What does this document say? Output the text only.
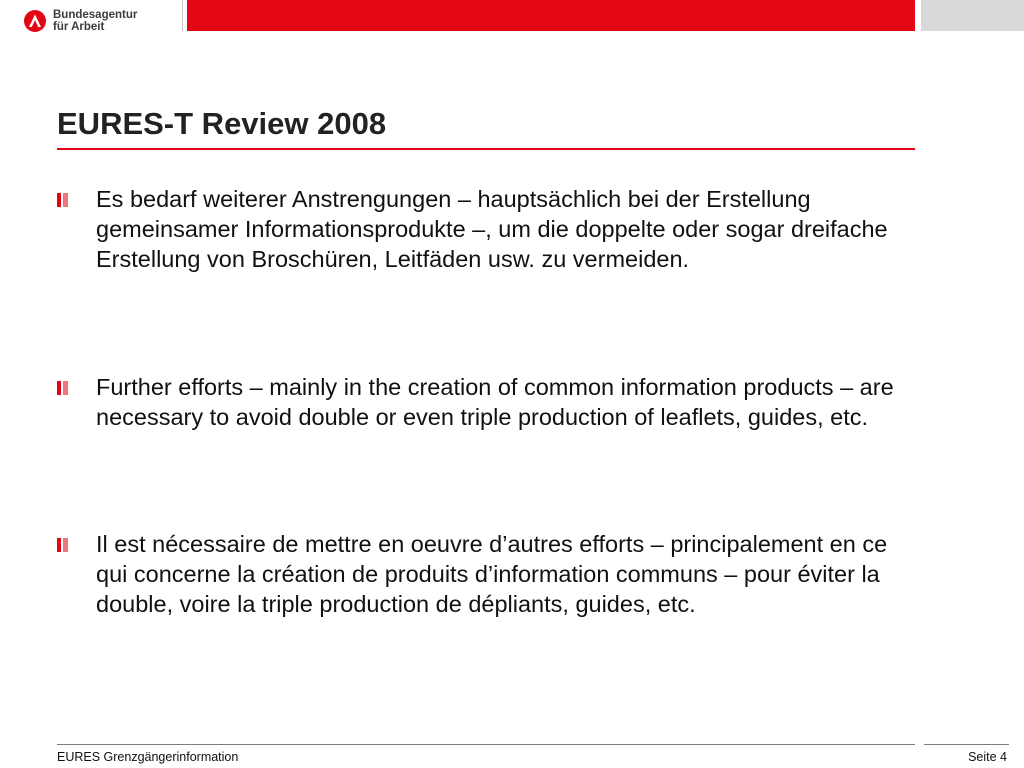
Bundesagentur
für Arbeit
EURES-T Review 2008
Es bedarf weiterer Anstrengungen – hauptsächlich bei der Erstellung gemeinsamer Informationsprodukte –, um die doppelte oder sogar dreifache Erstellung von Broschüren, Leitfäden usw. zu vermeiden.
Further efforts – mainly in the creation of common information products – are necessary to avoid double or even triple production of leaflets, guides, etc.
Il est nécessaire de mettre en oeuvre d’autres efforts – principalement en ce qui concerne la création de produits d’information communs – pour éviter la double, voire la triple production de dépliants, guides, etc.
EURES Grenzgängerinformation	Seite 4
